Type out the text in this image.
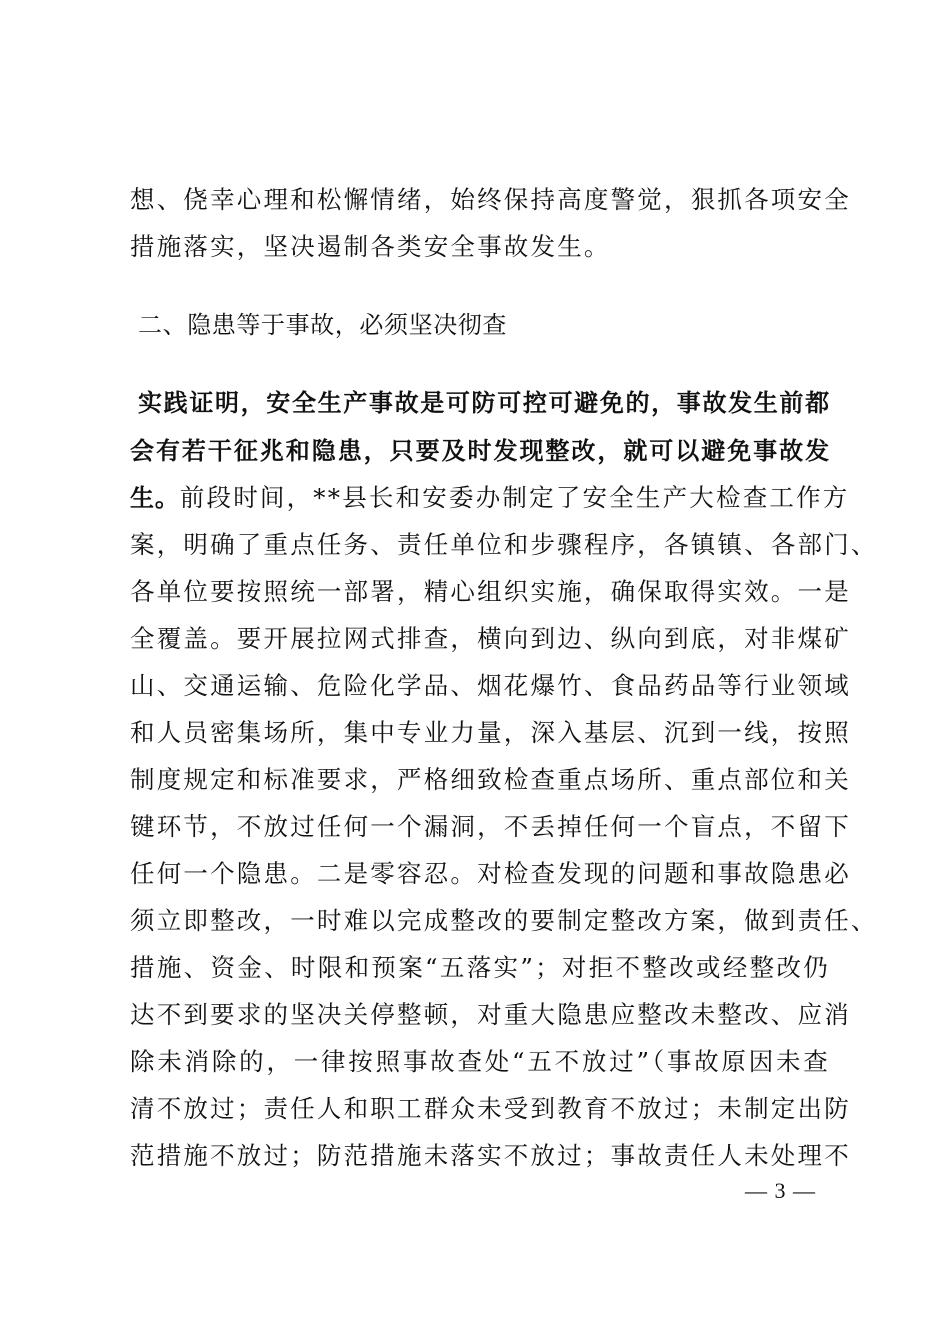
想、侥幸心理和松懈情绪，始终保持高度警觉，狠抓各项安全
措施落实，坚决遏制各类安全事故发生。
二、隐患等于事故，必须坚决彻查
实践证明，安全生产事故是可防可控可避免的，事故发生前都
会有若干征兆和隐患，只要及时发现整改，就可以避免事故发
生。前段时间，**县长和安委办制定了安全生产大检查工作方
案，明确了重点任务、责任单位和步骤程序，各镇镇、各部门、
各单位要按照统一部署，精心组织实施，确保取得实效。一是
全覆盖。要开展拉网式排查，横向到边、纵向到底，对非煤矿
山、交通运输、危险化学品、烟花爆竹、食品药品等行业领域
和人员密集场所，集中专业力量，深入基层、沉到一线，按照
制度规定和标准要求，严格细致检查重点场所、重点部位和关
键环节，不放过任何一个漏洞，不丢掉任何一个盲点，不留下
任何一个隐患。二是零容忍。对检查发现的问题和事故隐患必
须立即整改，一时难以完成整改的要制定整改方案，做到责任、
措施、资金、时限和预案“五落实”；对拒不整改或经整改仍
达不到要求的坚决关停整顿，对重大隐患应整改未整改、应消
除未消除的，一律按照事故查处“五不放过”（事故原因未查
清不放过；责任人和职工群众未受到教育不放过；未制定出防
范措施不放过；防范措施未落实不放过；事故责任人未处理不
— 3 —
